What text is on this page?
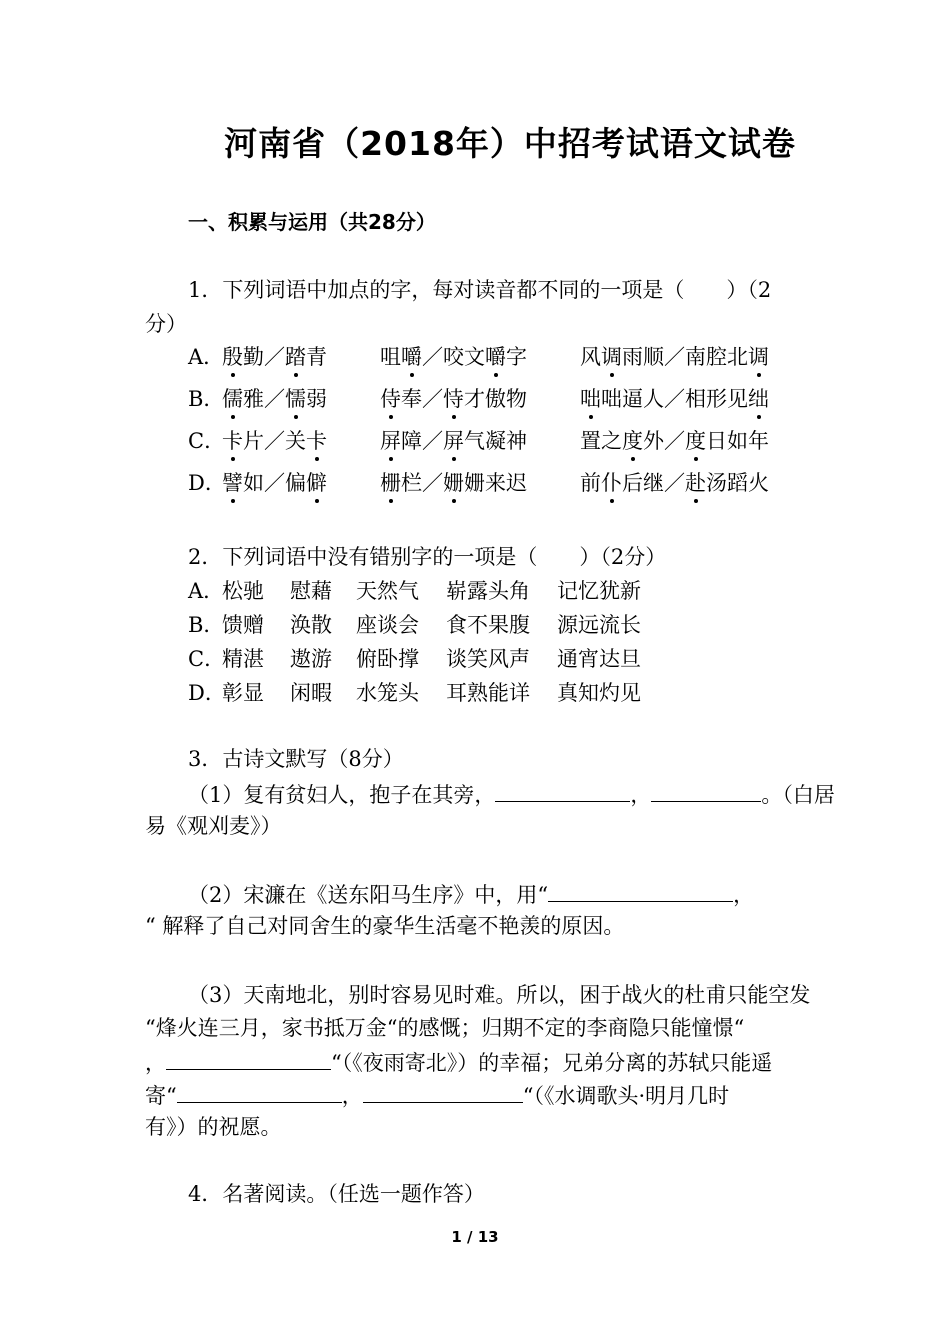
河南省（2018年）中招考试语文试卷
一、积累与运用（共28分）
1．下列词语中加点的字，每对读音都不同的一项是（　　）（2
分）
A．
殷勤／踏青	咀嚼／咬文嚼字	风调雨顺／南腔北调
B．
儒雅／懦弱	侍奉／恃才傲物	咄咄逼人／相形见绌
C．
卡片／关卡	屏障／屏气凝神	置之度外／度日如年
D．
譬如／偏僻	栅栏／姗姗来迟	前仆后继／赴汤蹈火
2．下列词语中没有错别字的一项是（　　）（2分）
A．
松驰 慰藉 天然气 崭露头角 记忆犹新
B．
馈赠 涣散 座谈会 食不果腹 源远流长
C．
精湛 遨游 俯卧撑 谈笑风声 通宵达旦
D．
彰显 闲暇 水笼头 耳熟能详 真知灼见
3．古诗文默写（8分）
（1）复有贫妇人，抱子在其旁，	，	。（白居
易《观刈麦》）
（2）宋濂在《送东阳马生序》中，用“	，
“ 解释了自己对同舍生的豪华生活毫不艳羡的原因。
（3）天南地北，别时容易见时难。所以，困于战火的杜甫只能空发
“烽火连三月，家书抵万金“的感慨；归期不定的李商隐只能憧憬“
，	“（《夜雨寄北》）的幸福；兄弟分离的苏轼只能遥
寄“	，	“（《水调歌头·明月几时
有》）的祝愿。
4．名著阅读。（任选一题作答）
1 / 13
